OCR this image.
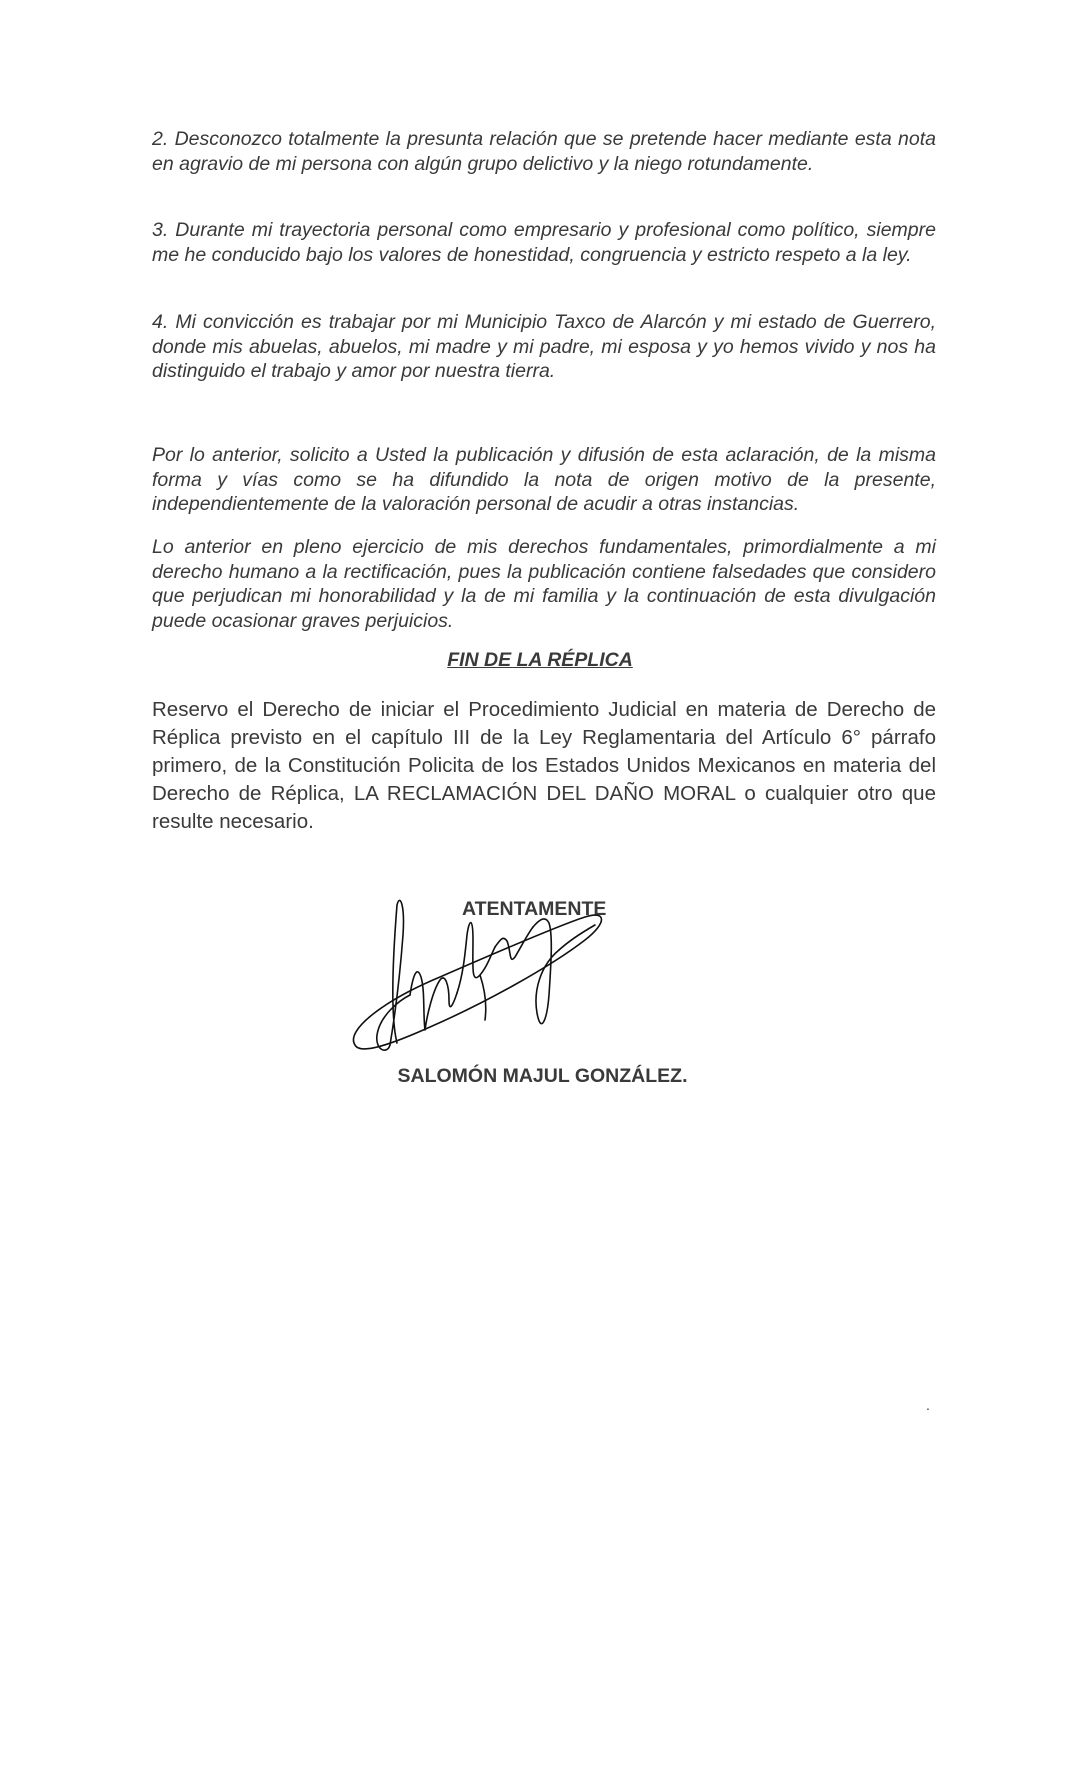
2. Desconozco totalmente la presunta relación que se pretende hacer mediante esta nota en agravio de mi persona con algún grupo delictivo y la niego rotundamente.

3. Durante mi trayectoria personal como empresario y profesional como político, siempre me he conducido bajo los valores de honestidad, congruencia y estricto respeto a la ley.

4. Mi convicción es trabajar por mi Municipio Taxco de Alarcón y mi estado de Guerrero, donde mis abuelas, abuelos, mi madre y mi padre, mi esposa y yo hemos vivido y nos ha distinguido el trabajo y amor por nuestra tierra.

Por lo anterior, solicito a Usted la publicación y difusión de esta aclaración, de la misma forma y vías como se ha difundido la nota de origen motivo de la presente, independientemente de la valoración personal de acudir a otras instancias.

Lo anterior en pleno ejercicio de mis derechos fundamentales, primordialmente a mi derecho humano a la rectificación, pues la publicación contiene falsedades que considero que perjudican mi honorabilidad y la de mi familia y la continuación de esta divulgación puede ocasionar graves perjuicios.

FIN DE LA RÉPLICA

Reservo el Derecho de iniciar el Procedimiento Judicial en materia de Derecho de Réplica previsto en el capítulo III de la Ley Reglamentaria del Artículo 6° párrafo primero, de la Constitución Policita de los Estados Unidos Mexicanos en materia del Derecho de Réplica, LA RECLAMACIÓN DEL DAÑO MORAL o cualquier otro que resulte necesario.

ATENTAMENTE
SALOMÓN MAJUL GONZÁLEZ.
.
